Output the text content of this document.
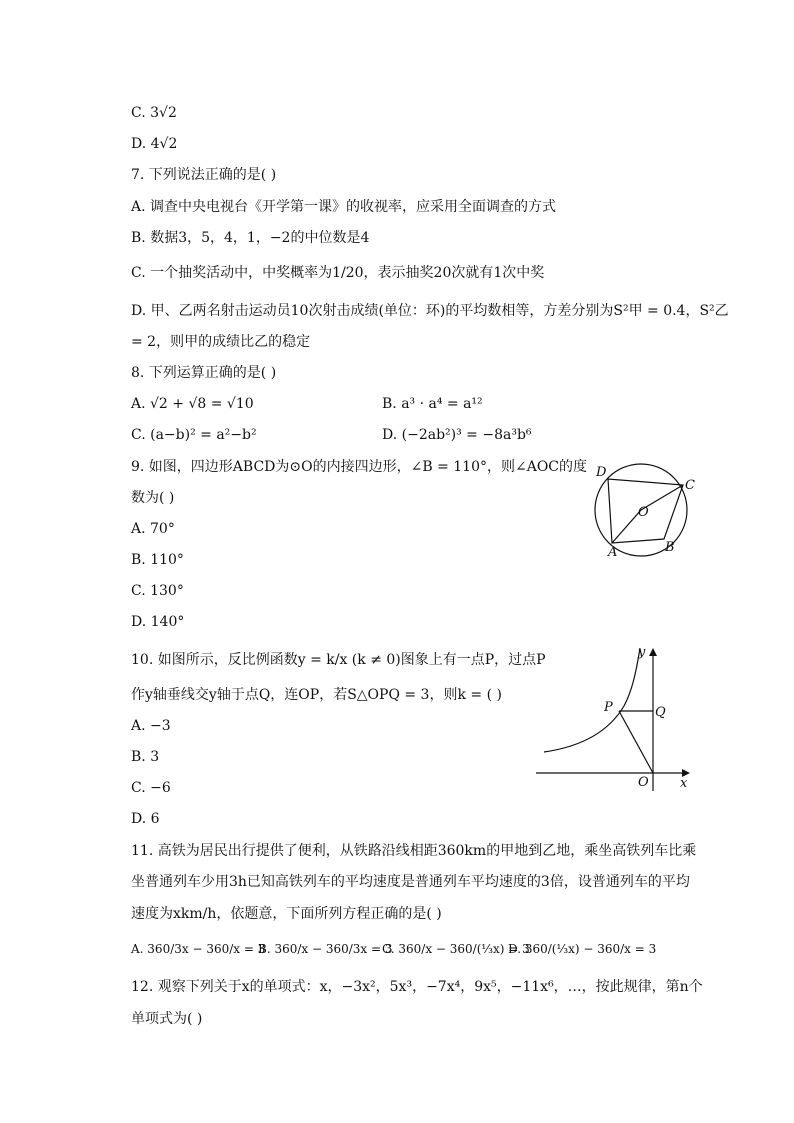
C. 3√2
D. 4√2
7. 下列说法正确的是( )
A. 调查中央电视台《开学第一课》的收视率，应采用全面调查的方式
B. 数据3，5，4，1，−2的中位数是4
C. 一个抽奖活动中，中奖概率为1/20，表示抽奖20次就有1次中奖
D. 甲、乙两名射击运动员10次射击成绩(单位：环)的平均数相等，方差分别为S²甲 = 0.4，S²乙
= 2，则甲的成绩比乙的稳定
8. 下列运算正确的是( )
A. √2 + √8 = √10	B. a³ · a⁴ = a¹²
C. (a−b)² = a²−b²	D. (−2ab²)³ = −8a³b⁶
9. 如图，四边形ABCD为⊙O的内接四边形，∠B = 110°，则∠AOC的度
数为( )
A. 70°
B. 110°
C. 130°
D. 140°
D
C
O
A	B
10. 如图所示，反比例函数y = k/x (k ≠ 0)图象上有一点P，过点P
作y轴垂线交y轴于点Q，连OP，若S△OPQ = 3，则k = ( )
A. −3
B. 3
C. −6
D. 6
y
P	Q
O x
11. 高铁为居民出行提供了便利，从铁路沿线相距360km的甲地到乙地，乘坐高铁列车比乘
坐普通列车少用3h已知高铁列车的平均速度是普通列车平均速度的3倍，设普通列车的平均
速度为xkm/h，依题意，下面所列方程正确的是( )
A. 360/3x − 360/x = 3
B. 360/x − 360/3x = 3
C. 360/x − 360/(⅓x) = 3
D. 360/(⅓x) − 360/x = 3
12. 观察下列关于x的单项式：x，−3x²，5x³，−7x⁴，9x⁵，−11x⁶，…，按此规律，第n个
单项式为( )
